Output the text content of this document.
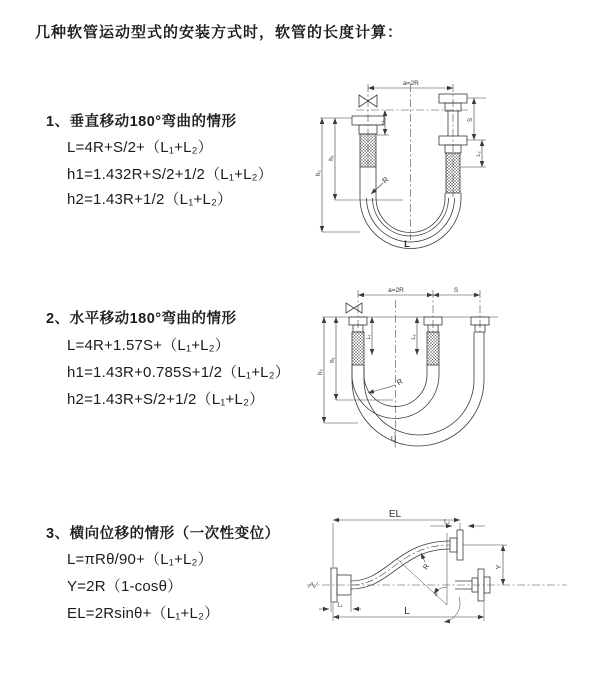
几种软管运动型式的安装方式时，软管的长度计算：
1、垂直移动180°弯曲的情形
L=4R+S/2+（L₁+L₂）
h1=1.432R+S/2+1/2（L₁+L₂）
h2=1.43R+1/2（L₁+L₂）
2、水平移动180°弯曲的情形
L=4R+1.57S+（L₁+L₂）
h1=1.43R+0.785S+1/2（L₁+L₂）
h2=1.43R+S/2+1/2（L₁+L₂）
3、横向位移的情形（一次性变位）
L=πRθ/90+（L₁+L₂）
Y=2R（1-cosθ）
EL=2Rsinθ+（L₁+L₂）
a=2R
h₂
h₁
L₁
S
L₂
R
L
a=2R	S
h₂
h₁
L₁	L₂
R
L
EL
L₂
Y
R
θ
L
L₁
